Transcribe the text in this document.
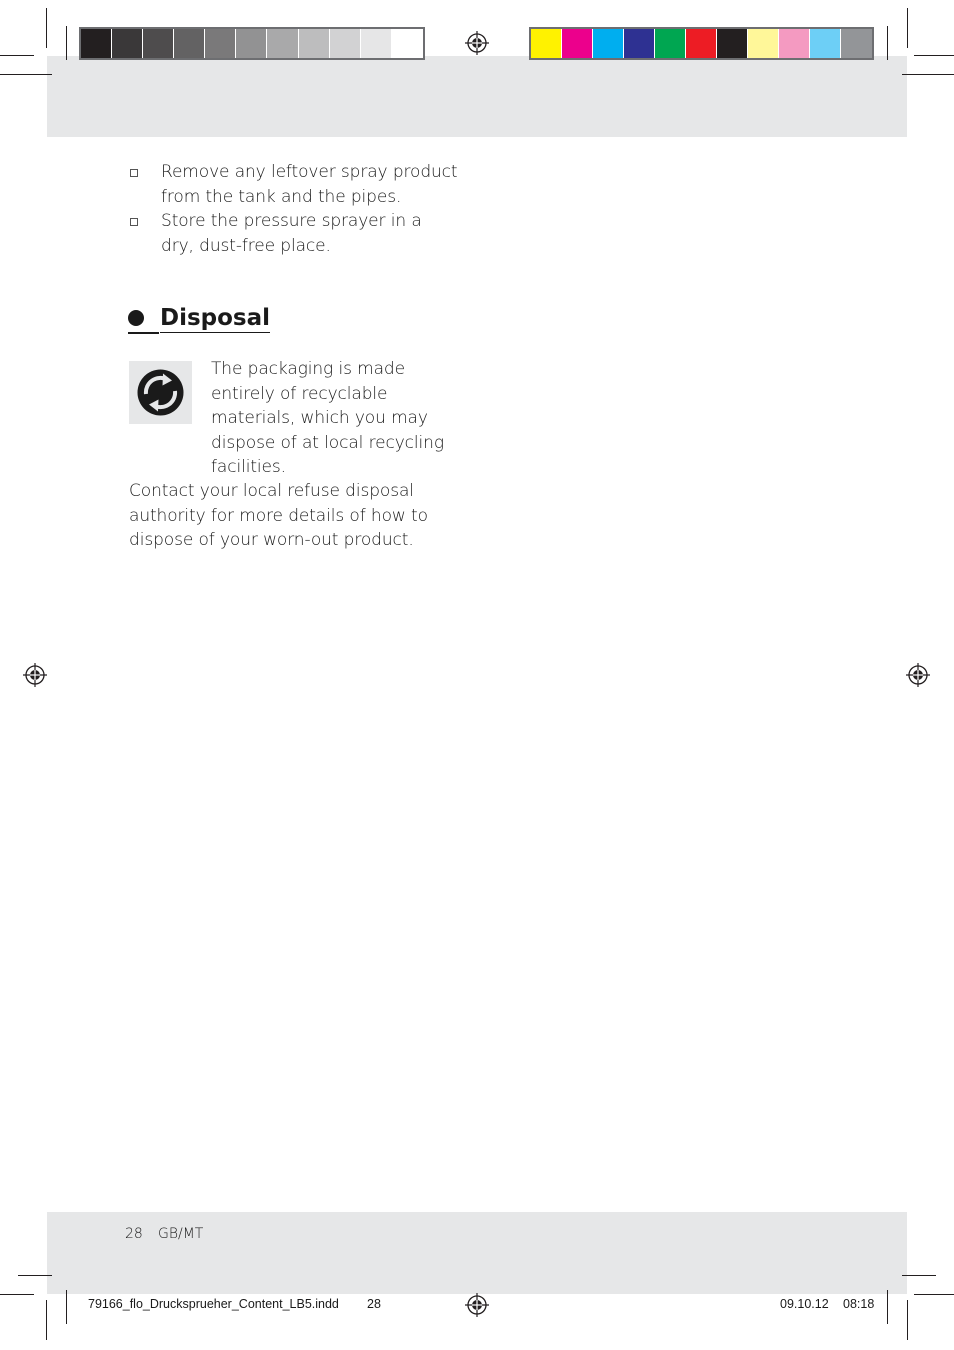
Remove any leftover spray product from the tank and the pipes.
Store the pressure sprayer in a dry, dust-free place.
Disposal
The packaging is made entirely of recyclable materials, which you may dispose of at local recycling facilities.
Contact your local refuse disposal authority for more details of how to dispose of your worn-out product.
28 GB/MT
79166_flo_Drucksprueher_Content_LB5.indd 28	09.10.12 08:18
